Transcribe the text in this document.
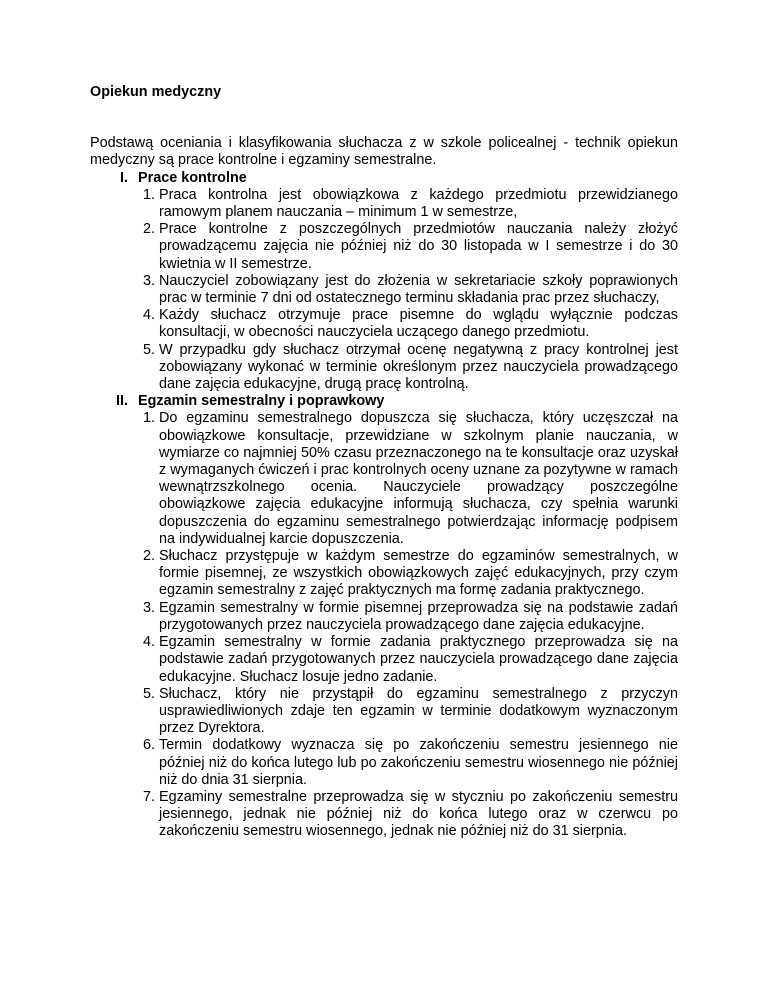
Opiekun medyczny

Podstawą oceniania i klasyfikowania słuchacza z w szkole policealnej - technik opiekun medyczny są prace kontrolne i egzaminy semestralne.

I. Prace kontrolne
1. Praca kontrolna jest obowiązkowa z każdego przedmiotu przewidzianego ramowym planem nauczania – minimum 1 w semestrze,
2. Prace kontrolne z poszczególnych przedmiotów nauczania należy złożyć prowadzącemu zajęcia nie później niż do 30 listopada w I semestrze i do 30 kwietnia w II semestrze.
3. Nauczyciel zobowiązany jest do złożenia w sekretariacie szkoły poprawionych prac w terminie 7 dni od ostatecznego terminu składania prac przez słuchaczy,
4. Każdy słuchacz otrzymuje prace pisemne do wglądu wyłącznie podczas konsultacji, w obecności nauczyciela uczącego danego przedmiotu.
5. W przypadku gdy słuchacz otrzymał ocenę negatywną z pracy kontrolnej jest zobowiązany wykonać w terminie określonym przez nauczyciela prowadzącego dane zajęcia edukacyjne, drugą pracę kontrolną.
II. Egzamin semestralny i poprawkowy
1. Do egzaminu semestralnego dopuszcza się słuchacza, który uczęszczał na obowiązkowe konsultacje, przewidziane w szkolnym planie nauczania, w wymiarze co najmniej 50% czasu przeznaczonego na te konsultacje oraz uzyskał z wymaganych ćwiczeń i prac kontrolnych oceny uznane za pozytywne w ramach wewnątrzszkolnego ocenia. Nauczyciele prowadzący poszczególne obowiązkowe zajęcia edukacyjne informują słuchacza, czy spełnia warunki dopuszczenia do egzaminu semestralnego potwierdzając informację podpisem na indywidualnej karcie dopuszczenia.
2. Słuchacz przystępuje w każdym semestrze do egzaminów semestralnych, w formie pisemnej, ze wszystkich obowiązkowych zajęć edukacyjnych, przy czym egzamin semestralny z zajęć praktycznych ma formę zadania praktycznego.
3. Egzamin semestralny w formie pisemnej przeprowadza się na podstawie zadań przygotowanych przez nauczyciela prowadzącego dane zajęcia edukacyjne.
4. Egzamin semestralny w formie zadania praktycznego przeprowadza się na podstawie zadań przygotowanych przez nauczyciela prowadzącego dane zajęcia edukacyjne. Słuchacz losuje jedno zadanie.
5. Słuchacz, który nie przystąpił do egzaminu semestralnego z przyczyn usprawiedliwionych zdaje ten egzamin w terminie dodatkowym wyznaczonym przez Dyrektora.
6. Termin dodatkowy wyznacza się po zakończeniu semestru jesiennego nie później niż do końca lutego lub po zakończeniu semestru wiosennego nie później niż do dnia 31 sierpnia.
7. Egzaminy semestralne przeprowadza się w styczniu po zakończeniu semestru jesiennego, jednak nie później niż do końca lutego oraz w czerwcu po zakończeniu semestru wiosennego, jednak nie później niż do 31 sierpnia.
